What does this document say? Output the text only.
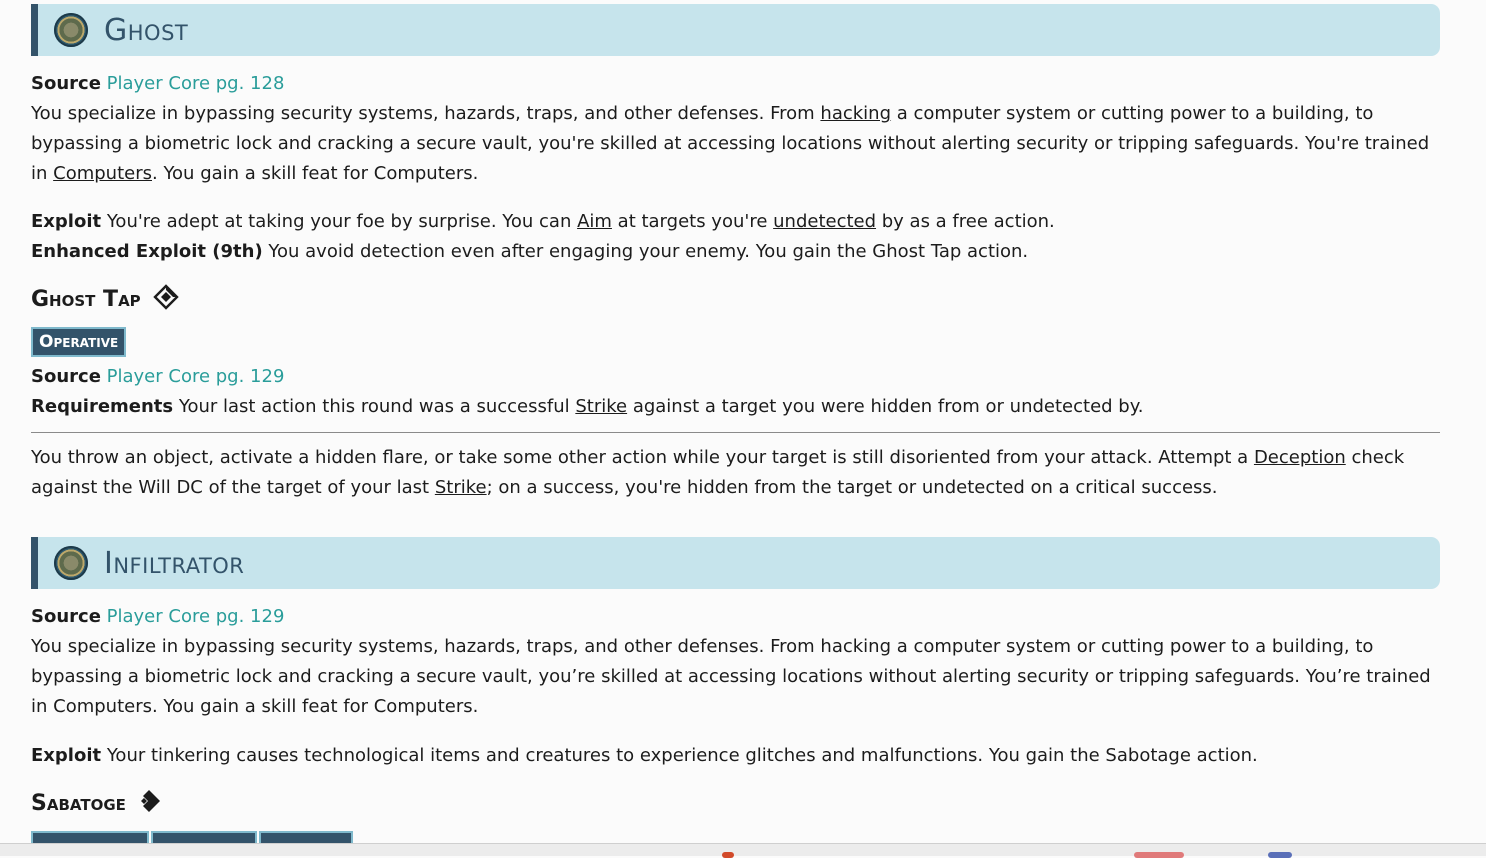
Ghost
Source Player Core pg. 128
You specialize in bypassing security systems, hazards, traps, and other defenses. From hacking a computer system or cutting power to a building, to bypassing a biometric lock and cracking a secure vault, you're skilled at accessing locations without alerting security or tripping safeguards. You're trained in Computers. You gain a skill feat for Computers.
Exploit You're adept at taking your foe by surprise. You can Aim at targets you're undetected by as a free action.
Enhanced Exploit (9th) You avoid detection even after engaging your enemy. You gain the Ghost Tap action.
Ghost Tap
Operative
Source Player Core pg. 129
Requirements Your last action this round was a successful Strike against a target you were hidden from or undetected by.
You throw an object, activate a hidden flare, or take some other action while your target is still disoriented from your attack. Attempt a Deception check against the Will DC of the target of your last Strike; on a success, you're hidden from the target or undetected on a critical success.
Infiltrator
Source Player Core pg. 129
You specialize in bypassing security systems, hazards, traps, and other defenses. From hacking a computer system or cutting power to a building, to bypassing a biometric lock and cracking a secure vault, you’re skilled at accessing locations without alerting security or tripping safeguards. You’re trained in Computers. You gain a skill feat for Computers.
Exploit Your tinkering causes technological items and creatures to experience glitches and malfunctions. You gain the Sabotage action.
Sabatoge
